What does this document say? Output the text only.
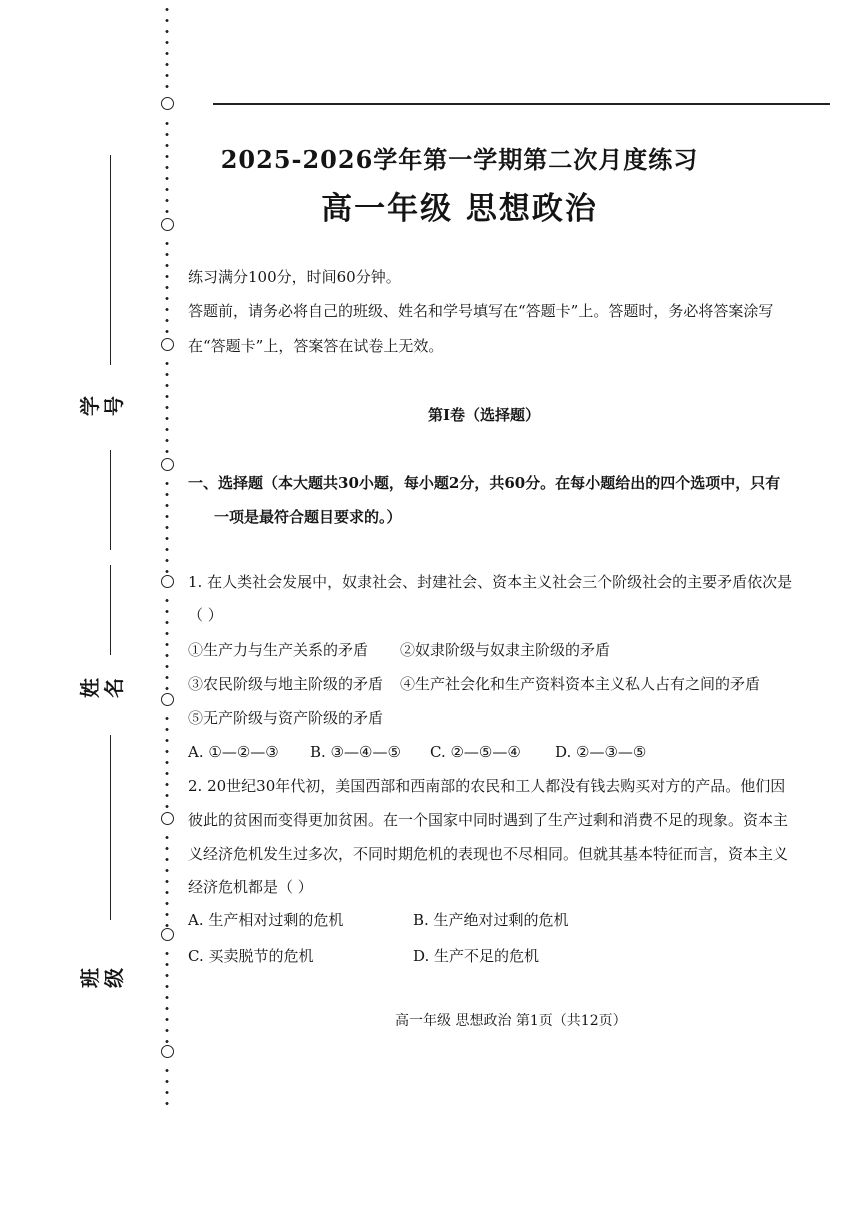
学号
姓名
班级
2025-2026学年第一学期第二次月度练习
高一年级 思想政治
练习满分100分，时间60分钟。
答题前，请务必将自己的班级、姓名和学号填写在“答题卡”上。答题时，务必将答案涂写
在“答题卡”上，答案答在试卷上无效。
第Ⅰ卷（选择题）
一、选择题（本大题共30小题，每小题2分，共60分。在每小题给出的四个选项中，只有
一项是最符合题目要求的。）
1. 在人类社会发展中，奴隶社会、封建社会、资本主义社会三个阶级社会的主要矛盾依次是
（ ）
①生产力与生产关系的矛盾 ②奴隶阶级与奴隶主阶级的矛盾
③农民阶级与地主阶级的矛盾 ④生产社会化和生产资料资本主义私人占有之间的矛盾
⑤无产阶级与资产阶级的矛盾
A. ①—②—③ B. ③—④—⑤ C. ②—⑤—④ D. ②—③—⑤
2. 20世纪30年代初，美国西部和西南部的农民和工人都没有钱去购买对方的产品。他们因
彼此的贫困而变得更加贫困。在一个国家中同时遇到了生产过剩和消费不足的现象。资本主
义经济危机发生过多次，不同时期危机的表现也不尽相同。但就其基本特征而言，资本主义
经济危机都是（ ）
A. 生产相对过剩的危机	B. 生产绝对过剩的危机
C. 买卖脱节的危机	D. 生产不足的危机
高一年级 思想政治 第1页（共12页）
